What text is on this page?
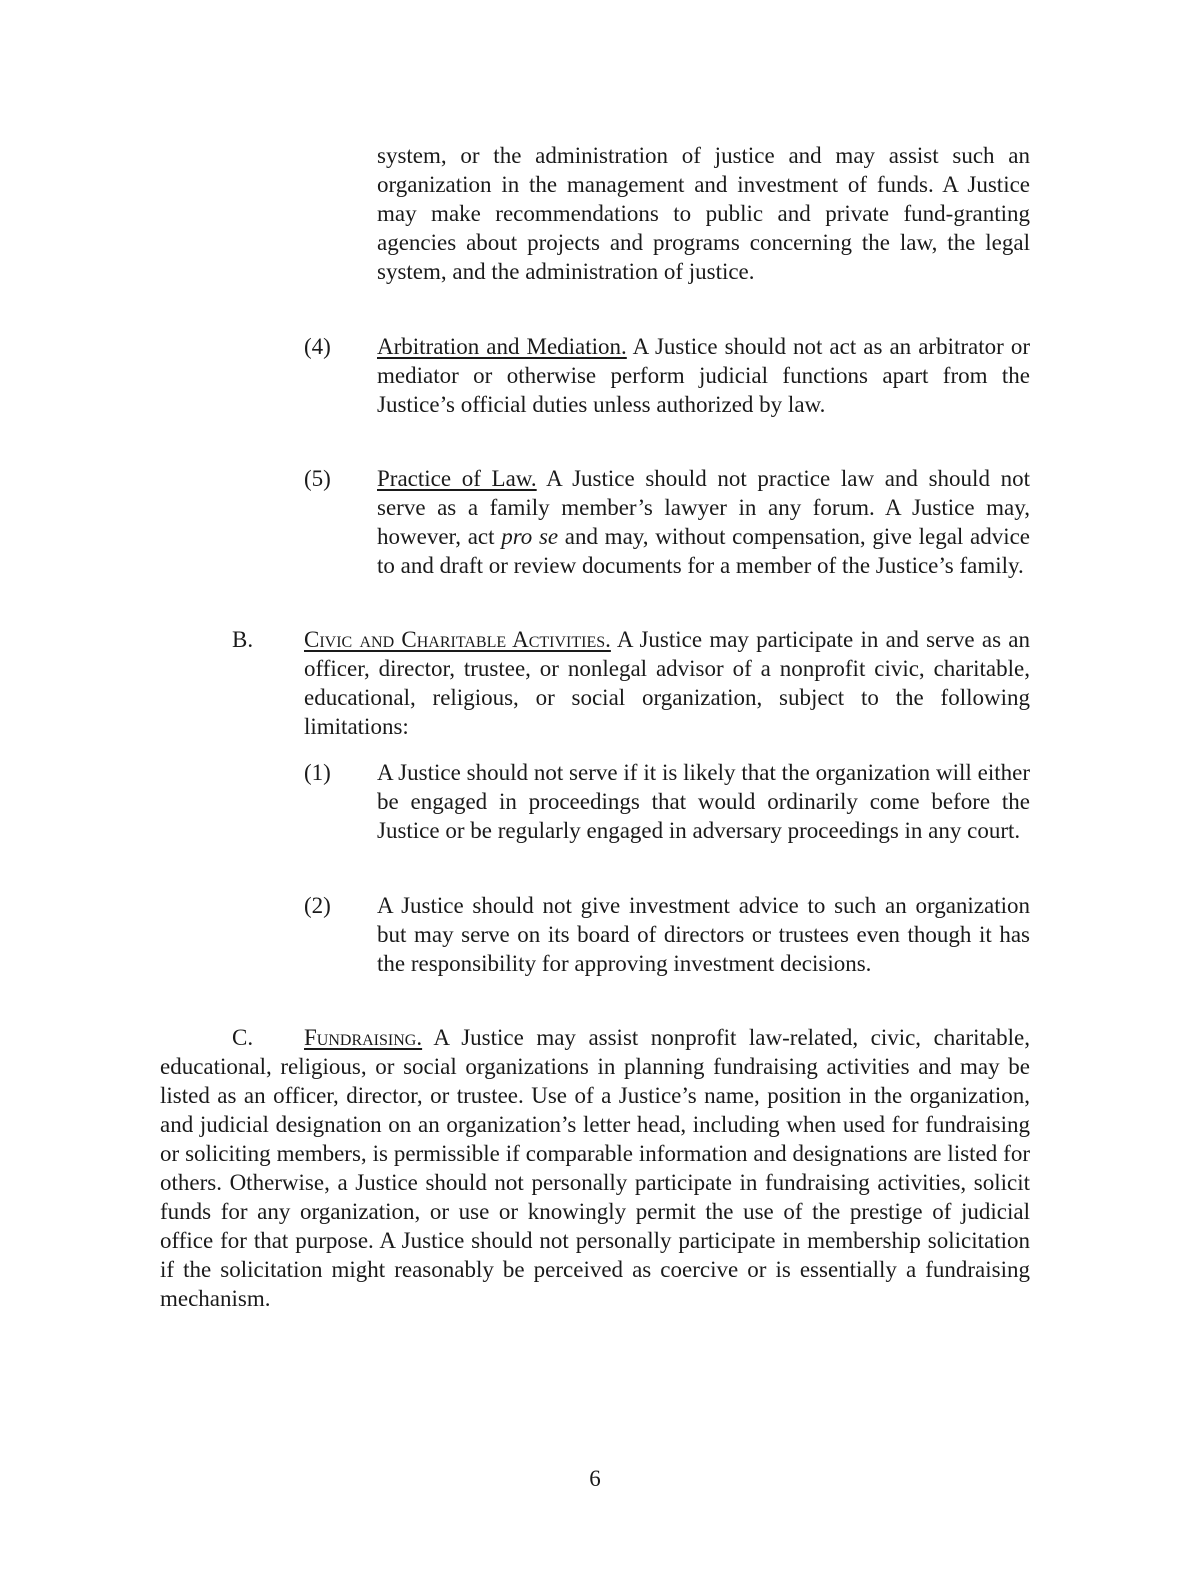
system, or the administration of justice and may assist such an organization in the management and investment of funds. A Justice may make recommendations to public and private fund-granting agencies about projects and programs concerning the law, the legal system, and the administration of justice.

(4) Arbitration and Mediation. A Justice should not act as an arbitrator or mediator or otherwise perform judicial functions apart from the Justice’s official duties unless authorized by law.

(5) Practice of Law. A Justice should not practice law and should not serve as a family member’s lawyer in any forum. A Justice may, however, act pro se and may, without compensation, give legal advice to and draft or review documents for a member of the Justice’s family.

B. Civic and Charitable Activities. A Justice may participate in and serve as an officer, director, trustee, or nonlegal advisor of a nonprofit civic, charitable, educational, religious, or social organization, subject to the following limitations:

(1) A Justice should not serve if it is likely that the organization will either be engaged in proceedings that would ordinarily come before the Justice or be regularly engaged in adversary proceedings in any court.

(2) A Justice should not give investment advice to such an organization but may serve on its board of directors or trustees even though it has the responsibility for approving investment decisions.

C.	Fundraising. A Justice may assist nonprofit law-related, civic, charitable, educational, religious, or social organizations in planning fundraising activities and may be listed as an officer, director, or trustee. Use of a Justice’s name, position in the organization, and judicial designation on an organization’s letter head, including when used for fundraising or soliciting members, is permissible if comparable information and designations are listed for others. Otherwise, a Justice should not personally participate in fundraising activities, solicit funds for any organization, or use or knowingly permit the use of the prestige of judicial office for that purpose. A Justice should not personally participate in membership solicitation if the solicitation might reasonably be perceived as coercive or is essentially a fundraising mechanism.

6
